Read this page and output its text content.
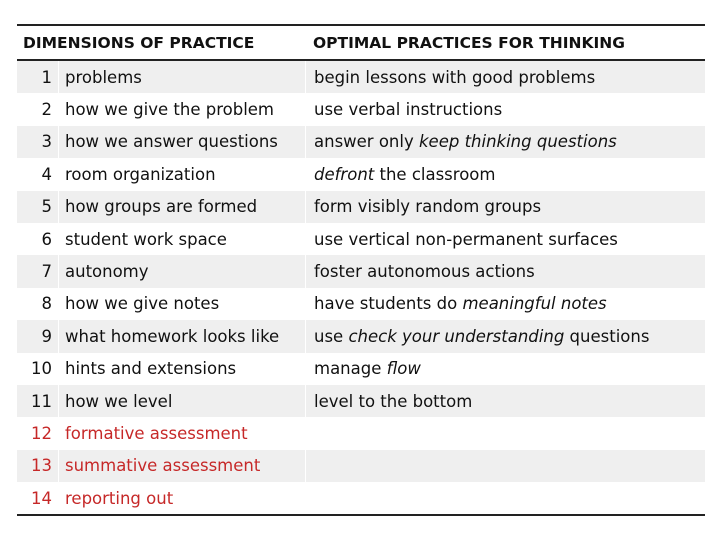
DIMENSIONS OF PRACTICE	OPTIMAL PRACTICES FOR THINKING
1 problems	begin lessons with good problems
2 how we give the problem	use verbal instructions
3 how we answer questions	answer only keep thinking questions
4 room organization	defront the classroom
5 how groups are formed	form visibly random groups
6 student work space	use vertical non-permanent surfaces
7 autonomy	foster autonomous actions
8 how we give notes	have students do meaningful notes
9 what homework looks like	use check your understanding questions
10 hints and extensions	manage flow
11 how we level	level to the bottom
12 formative assessment
13 summative assessment
14 reporting out
